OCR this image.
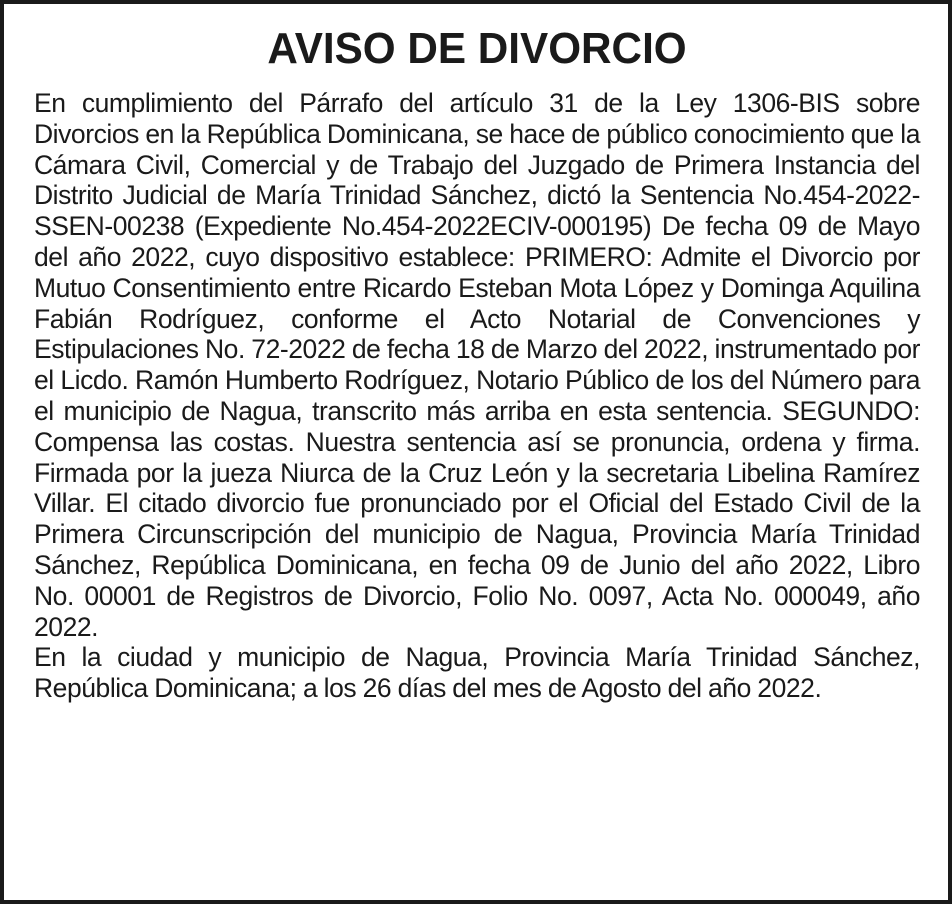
AVISO DE DIVORCIO

En cumplimiento del Párrafo del artículo 31 de la Ley 1306-BIS sobre Divorcios en la República Dominicana, se hace de público conocimiento que la Cámara Civil, Comercial y de Trabajo del Juzgado de Primera Instancia del Distrito Judicial de María Trinidad Sánchez, dictó la Sentencia No.454-2022-SSEN-00238 (Expediente No.454-2022ECIV-000195) De fecha 09 de Mayo del año 2022, cuyo dispositivo establece: PRIMERO: Admite el Divorcio por Mutuo Consentimiento entre Ricardo Esteban Mota López y Dominga Aquilina Fabián Rodríguez, conforme el Acto Notarial de Convenciones y Estipulaciones No. 72-2022 de fecha 18 de Marzo del 2022, instrumentado por el Licdo. Ramón Humberto Rodríguez, Notario Público de los del Número para el municipio de Nagua, transcrito más arriba en esta sentencia. SEGUNDO: Compensa las costas. Nuestra sentencia así se pronuncia, ordena y firma. Firmada por la jueza Niurca de la Cruz León y la secretaria Libelina Ramírez Villar. El citado divorcio fue pronunciado por el Oficial del Estado Civil de la Primera Circunscripción del municipio de Nagua, Provincia María Trinidad Sánchez, República Dominicana, en fecha 09 de Junio del año 2022, Libro No. 00001 de Registros de Divorcio, Folio No. 0097, Acta No. 000049, año 2022.

En la ciudad y municipio de Nagua, Provincia María Trinidad Sánchez, República Dominicana; a los 26 días del mes de Agosto del año 2022.
